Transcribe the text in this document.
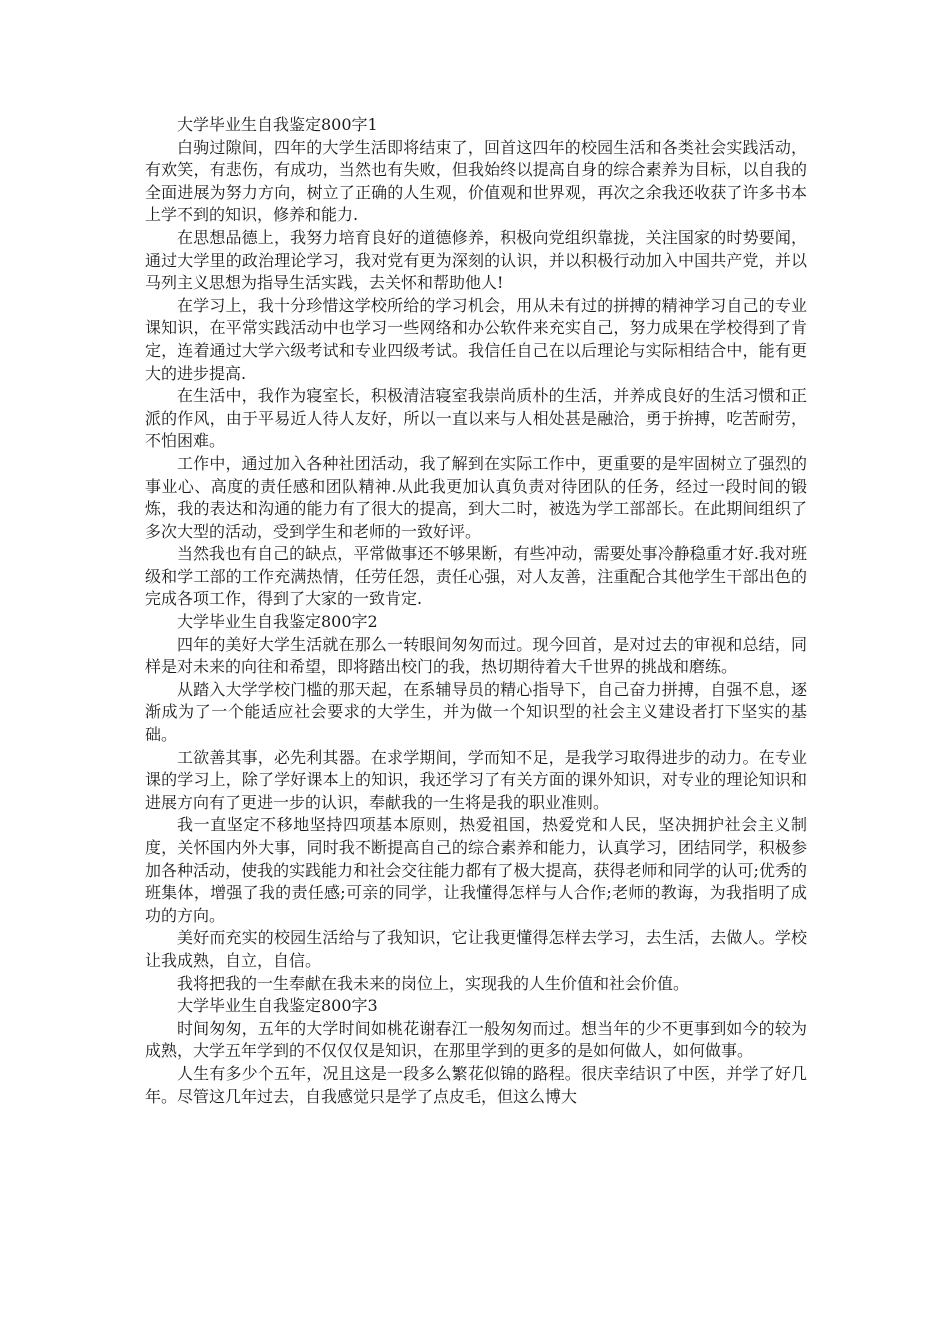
大学毕业生自我鉴定800字1

白驹过隙间，四年的大学生活即将结束了，回首这四年的校园生活和各类社会实践活动，有欢笑，有悲伤，有成功，当然也有失败，但我始终以提高自身的综合素养为目标，以自我的全面进展为努力方向，树立了正确的人生观，价值观和世界观，再次之余我还收获了许多书本上学不到的知识，修养和能力.

在思想品德上，我努力培育良好的道德修养，积极向党组织靠拢，关注国家的时势要闻，通过大学里的政治理论学习，我对党有更为深刻的认识，并以积极行动加入中国共产党，并以马列主义思想为指导生活实践，去关怀和帮助他人!

在学习上，我十分珍惜这学校所给的学习机会，用从未有过的拼搏的精神学习自己的专业课知识，在平常实践活动中也学习一些网络和办公软件来充实自己，努力成果在学校得到了肯定，连着通过大学六级考试和专业四级考试。我信任自己在以后理论与实际相结合中，能有更大的进步提高.

在生活中，我作为寝室长，积极清洁寝室我崇尚质朴的生活，并养成良好的生活习惯和正派的作风，由于平易近人待人友好，所以一直以来与人相处甚是融洽，勇于拚搏，吃苦耐劳，不怕困难。

工作中，通过加入各种社团活动，我了解到在实际工作中，更重要的是牢固树立了强烈的事业心、高度的责任感和团队精神.从此我更加认真负责对待团队的任务，经过一段时间的锻炼，我的表达和沟通的能力有了很大的提高，到大二时，被选为学工部部长。在此期间组织了多次大型的活动，受到学生和老师的一致好评。

当然我也有自己的缺点，平常做事还不够果断，有些冲动，需要处事冷静稳重才好.我对班级和学工部的工作充满热情，任劳任怨，责任心强，对人友善，注重配合其他学生干部出色的完成各项工作，得到了大家的一致肯定.

大学毕业生自我鉴定800字2

四年的美好大学生活就在那么一转眼间匆匆而过。现今回首，是对过去的审视和总结，同样是对未来的向往和希望，即将踏出校门的我，热切期待着大千世界的挑战和磨练。

从踏入大学学校门槛的那天起，在系辅导员的精心指导下，自己奋力拼搏，自强不息，逐渐成为了一个能适应社会要求的大学生，并为做一个知识型的社会主义建设者打下坚实的基础。

工欲善其事，必先利其器。在求学期间，学而知不足，是我学习取得进步的动力。在专业课的学习上，除了学好课本上的知识，我还学习了有关方面的课外知识，对专业的理论知识和进展方向有了更进一步的认识，奉献我的一生将是我的职业准则。

我一直坚定不移地坚持四项基本原则，热爱祖国，热爱党和人民，坚决拥护社会主义制度，关怀国内外大事，同时我不断提高自己的综合素养和能力，认真学习，团结同学，积极参加各种活动，使我的实践能力和社会交往能力都有了极大提高，获得老师和同学的认可;优秀的班集体，增强了我的责任感;可亲的同学，让我懂得怎样与人合作;老师的教诲，为我指明了成功的方向。

美好而充实的校园生活给与了我知识，它让我更懂得怎样去学习，去生活，去做人。学校让我成熟，自立，自信。

我将把我的一生奉献在我未来的岗位上，实现我的人生价值和社会价值。

大学毕业生自我鉴定800字3

时间匆匆，五年的大学时间如桃花谢春江一般匆匆而过。想当年的少不更事到如今的较为成熟，大学五年学到的不仅仅仅是知识，在那里学到的更多的是如何做人，如何做事。

人生有多少个五年，况且这是一段多么繁花似锦的路程。很庆幸结识了中医，并学了好几年。尽管这几年过去，自我感觉只是学了点皮毛，但这么博大
